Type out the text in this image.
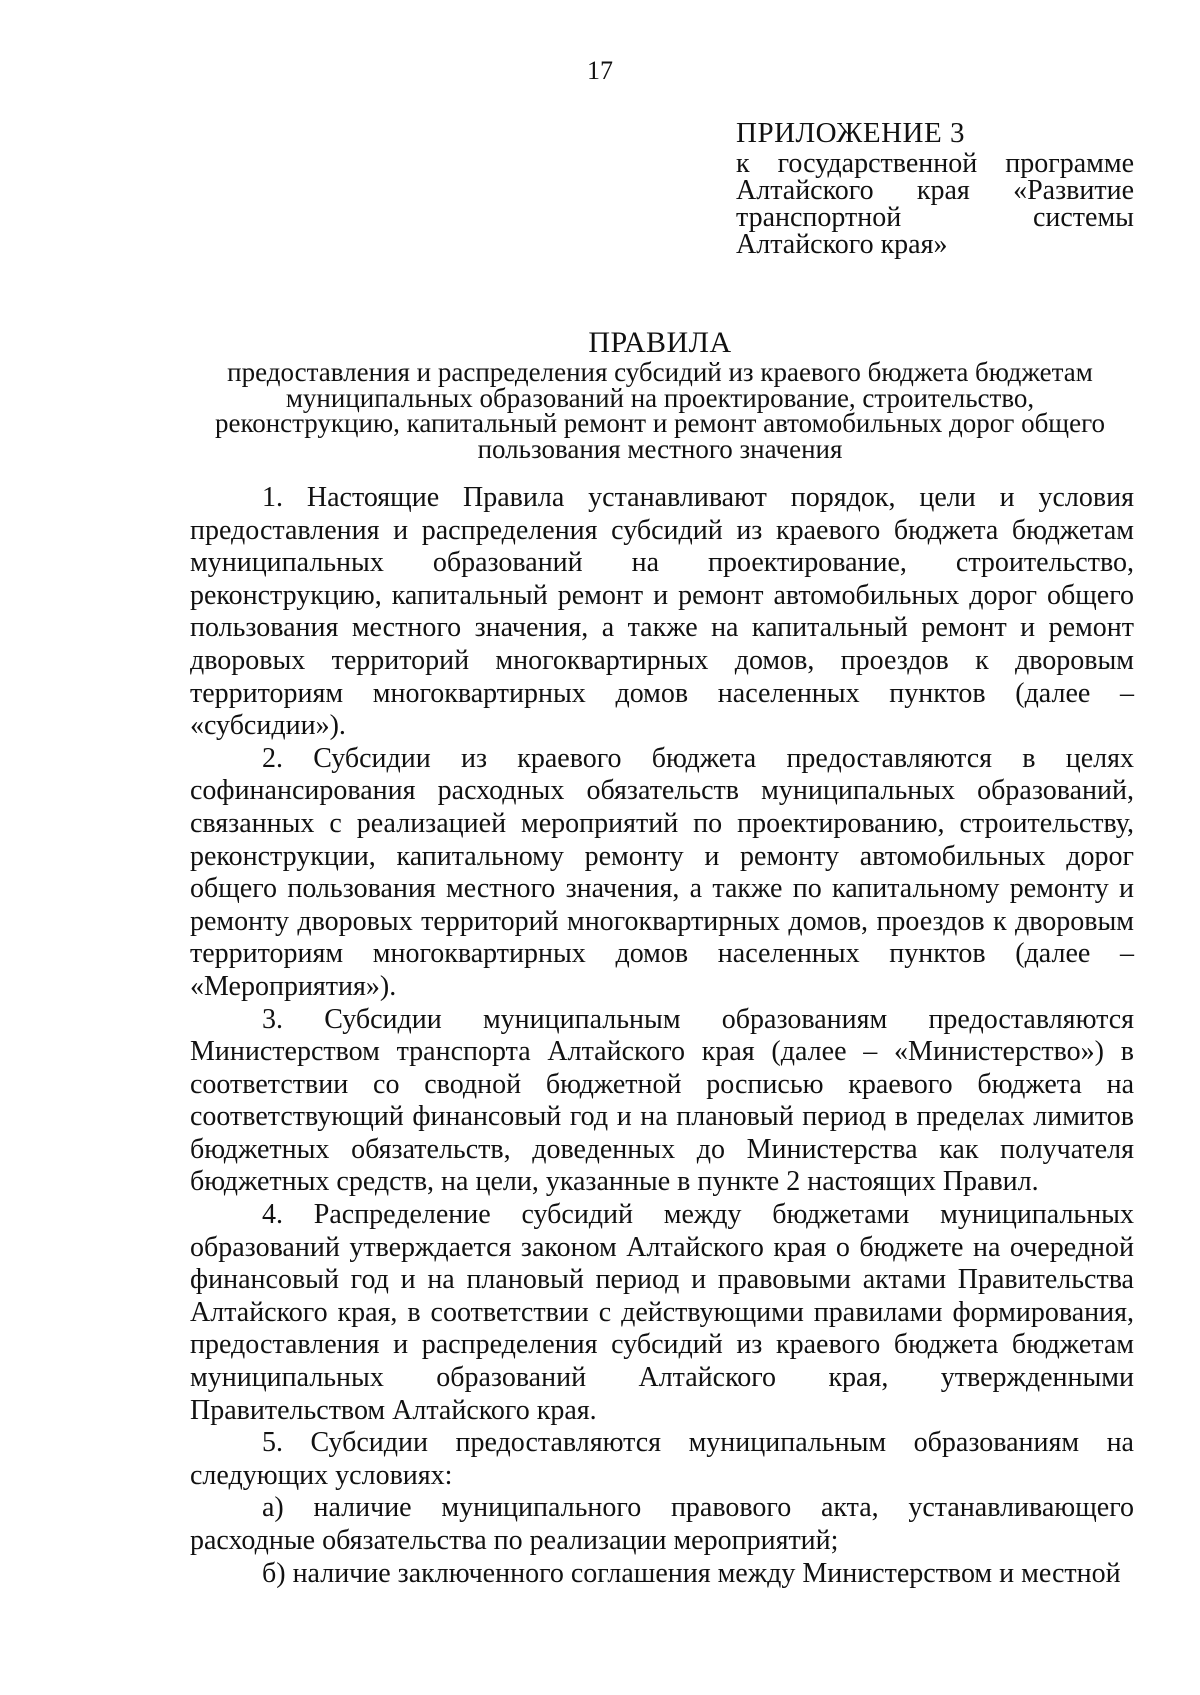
17
ПРИЛОЖЕНИЕ 3
к государственной программе
Алтайского края «Развитие
транспортной	системы
Алтайского края»
ПРАВИЛА
предоставления и распределения субсидий из краевого бюджета бюджетам
муниципальных образований на проектирование, строительство,
реконструкцию, капитальный ремонт и ремонт автомобильных дорог общего
пользования местного значения

1. Настоящие Правила устанавливают порядок, цели и условия предоставления и распределения субсидий из краевого бюджета бюджетам муниципальных образований на проектирование, строительство, реконструкцию, капитальный ремонт и ремонт автомобильных дорог общего пользования местного значения, а также на капитальный ремонт и ремонт дворовых территорий многоквартирных домов, проездов к дворовым территориям многоквартирных домов населенных пунктов (далее – «субсидии»).

2. Субсидии из краевого бюджета предоставляются в целях софинансирования расходных обязательств муниципальных образований, связанных с реализацией мероприятий по проектированию, строительству, реконструкции, капитальному ремонту и ремонту автомобильных дорог общего пользования местного значения, а также по капитальному ремонту и ремонту дворовых территорий многоквартирных домов, проездов к дворовым территориям многоквартирных домов населенных пунктов (далее – «Мероприятия»).

3. Субсидии муниципальным образованиям предоставляются Министерством транспорта Алтайского края (далее – «Министерство») в соответствии со сводной бюджетной росписью краевого бюджета на соответствующий финансовый год и на плановый период в пределах лимитов бюджетных обязательств, доведенных до Министерства как получателя бюджетных средств, на цели, указанные в пункте 2 настоящих Правил.

4. Распределение субсидий между бюджетами муниципальных образований утверждается законом Алтайского края о бюджете на очередной финансовый год и на плановый период и правовыми актами Правительства Алтайского края, в соответствии с действующими правилами формирования, предоставления и распределения субсидий из краевого бюджета бюджетам муниципальных образований Алтайского края, утвержденными Правительством Алтайского края.

5. Субсидии предоставляются муниципальным образованиям на следующих условиях:

а) наличие муниципального правового акта, устанавливающего расходные обязательства по реализации мероприятий;

б) наличие заключенного соглашения между Министерством и местной
